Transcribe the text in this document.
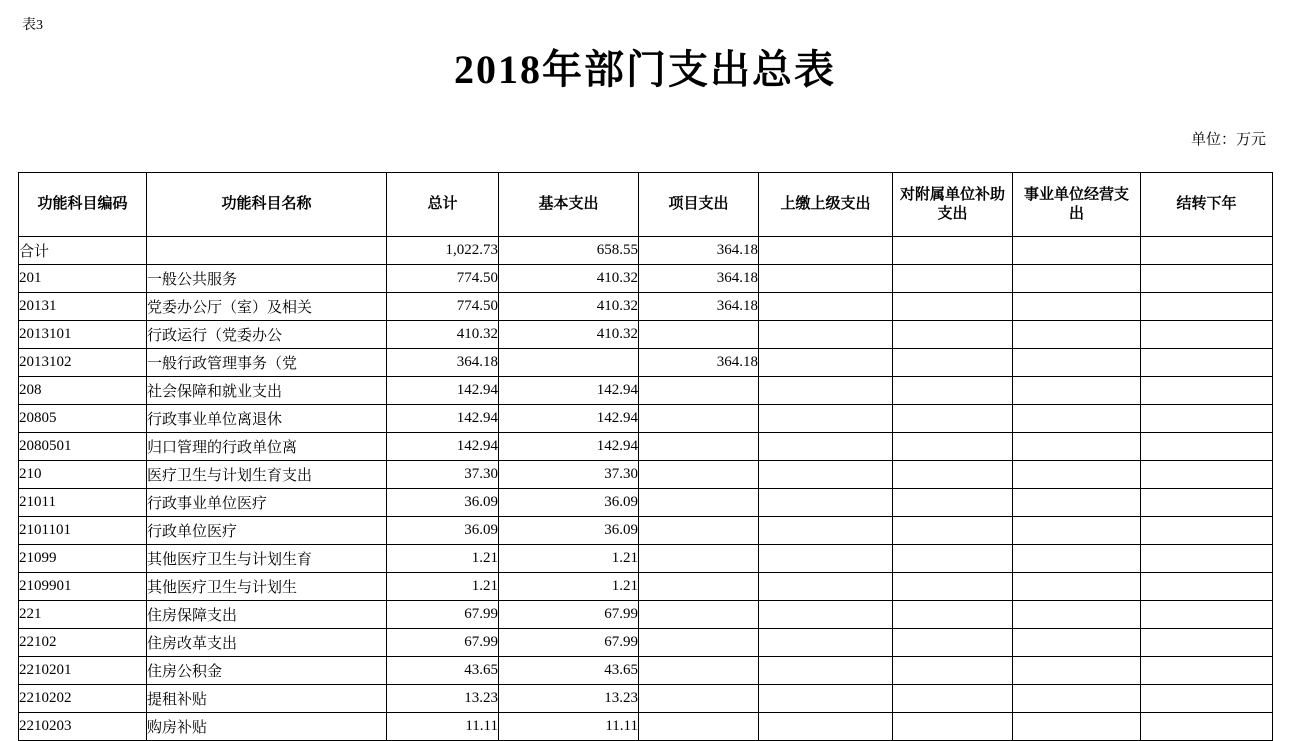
表3
2018年部门支出总表
单位：万元
功能科目编码	功能科目名称	总计	基本支出	项目支出	上缴上级支出	对附属单位补助支出	事业单位经营支出	结转下年
合计		1,022.73	658.55	364.18				
201	一般公共服务	774.50	410.32	364.18				
20131	党委办公厅（室）及相关	774.50	410.32	364.18				
2013101	行政运行（党委办公	410.32	410.32					
2013102	一般行政管理事务（党	364.18		364.18				
208	社会保障和就业支出	142.94	142.94					
20805	行政事业单位离退休	142.94	142.94					
2080501	归口管理的行政单位离	142.94	142.94					
210	医疗卫生与计划生育支出	37.30	37.30					
21011	行政事业单位医疗	36.09	36.09					
2101101	行政单位医疗	36.09	36.09					
21099	其他医疗卫生与计划生育	1.21	1.21					
2109901	其他医疗卫生与计划生	1.21	1.21					
221	住房保障支出	67.99	67.99					
22102	住房改革支出	67.99	67.99					
2210201	住房公积金	43.65	43.65					
2210202	提租补贴	13.23	13.23					
2210203	购房补贴	11.11	11.11					
